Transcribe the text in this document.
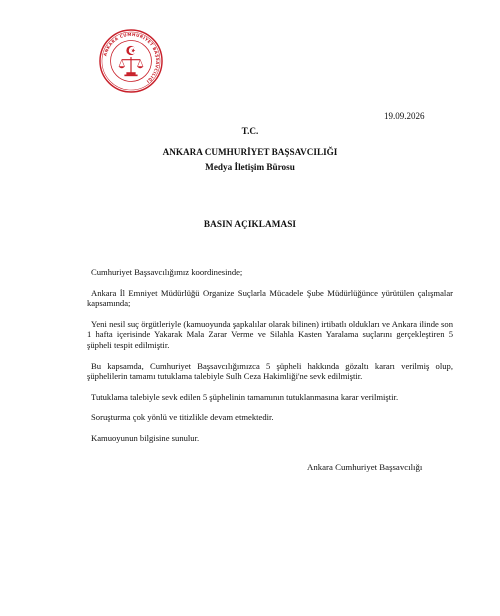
ANKARA CUMHURİYET BAŞSAVCILIĞI
19.09.2026
T.C.
ANKARA CUMHURİYET BAŞSAVCILIĞI
Medya İletişim Bürosu
BASIN AÇIKLAMASI

Cumhuriyet Başsavcılığımız koordinesinde;

Ankara İl Emniyet Müdürlüğü Organize Suçlarla Mücadele Şube Müdürlüğünce yürütülen çalışmalar kapsamında;

Yeni nesil suç örgütleriyle (kamuoyunda şapkalılar olarak bilinen) irtibatlı oldukları ve Ankara ilinde son 1 hafta içerisinde Yakarak Mala Zarar Verme ve Silahla Kasten Yaralama suçlarını gerçekleştiren 5 şüpheli tespit edilmiştir.

Bu kapsamda, Cumhuriyet Başsavcılığımızca 5 şüpheli hakkında gözaltı kararı verilmiş olup, şüphelilerin tamamı tutuklama talebiyle Sulh Ceza Hakimliği'ne sevk edilmiştir.

Tutuklama talebiyle sevk edilen 5 şüphelinin tamamının tutuklanmasına karar verilmiştir.

Soruşturma çok yönlü ve titizlikle devam etmektedir.

Kamuoyunun bilgisine sunulur.

Ankara Cumhuriyet Başsavcılığı
